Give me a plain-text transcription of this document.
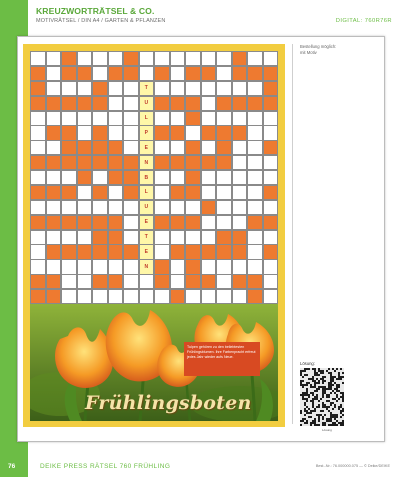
KREUZWORTRÄTSEL & CO.
MOTIVRÄTSEL / DIN A4 / GARTEN & PFLANZEN	DIGITAL: 760R76R
T
U
L
P
E
N
B
L
U
E
T
E
N
Tulpen gehören zu den beliebtesten Frühlingsblumen. Ihre Farbenpracht erfreut jedes Jahr wieder aufs Neue.
Frühlingsboten
Bestellung möglich:
mit Motiv
Lösung:
Lösung
76	DEIKE PRESS RÄTSEL 760 FRÜHLING	Best.-Nr.: 76.000000.075 — © Deike/DEIKE
